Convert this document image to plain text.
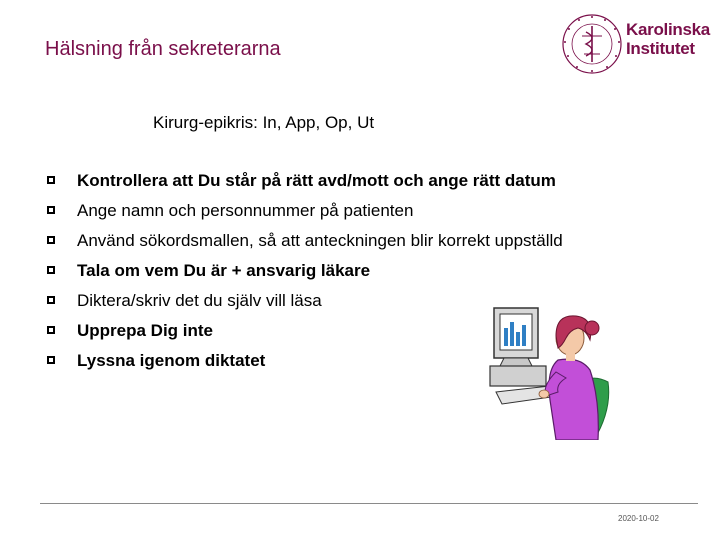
Hälsning från sekreterarna
Karolinska
Institutet
Kirurg-epikris: In, App, Op, Ut
Kontrollera att Du står på rätt avd/mott och ange rätt datum
Ange namn och personnummer på patienten
Använd sökordsmallen, så att anteckningen blir korrekt uppställd
Tala om vem Du är + ansvarig läkare
Diktera/skriv det du själv vill läsa
Upprepa Dig inte
Lyssna igenom diktatet
2020-10-02
